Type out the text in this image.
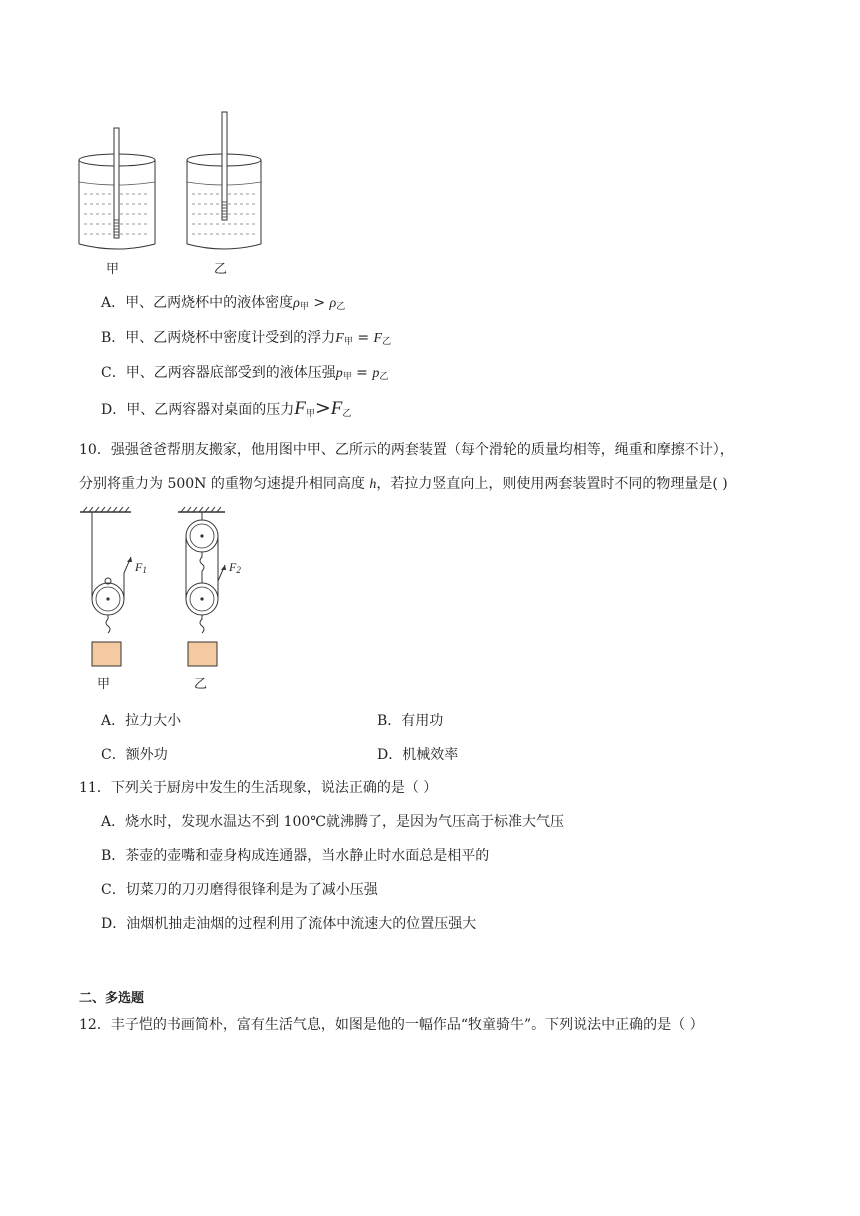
甲	乙
A．甲、乙两烧杯中的液体密度$\rho_甲 > \rho_乙$
B．甲、乙两烧杯中密度计受到的浮力$F_甲 = F_乙$
C．甲、乙两容器底部受到的液体压强$p_甲 = p_乙$
D．甲、乙两容器对桌面的压力$F_甲>F_乙$
10．强强爸爸帮朋友搬家，他用图中甲、乙所示的两套装置（每个滑轮的质量均相等，绳重和摩擦不计），
分别将重力为 500N 的重物匀速提升相同高度 h，若拉力竖直向上，则使用两套装置时不同的物理量是( )
$F_1$	$F_2$
甲	乙
A．拉力大小	B．有用功
C．额外功	D．机械效率
11．下列关于厨房中发生的生活现象，说法正确的是（ ）
A．烧水时，发现水温达不到 100℃就沸腾了，是因为气压高于标准大气压
B．茶壶的壶嘴和壶身构成连通器，当水静止时水面总是相平的
C．切菜刀的刀刃磨得很锋利是为了减小压强
D．油烟机抽走油烟的过程利用了流体中流速大的位置压强大
二、多选题
12．丰子恺的书画简朴，富有生活气息，如图是他的一幅作品“牧童骑牛”。下列说法中正确的是（ ）
